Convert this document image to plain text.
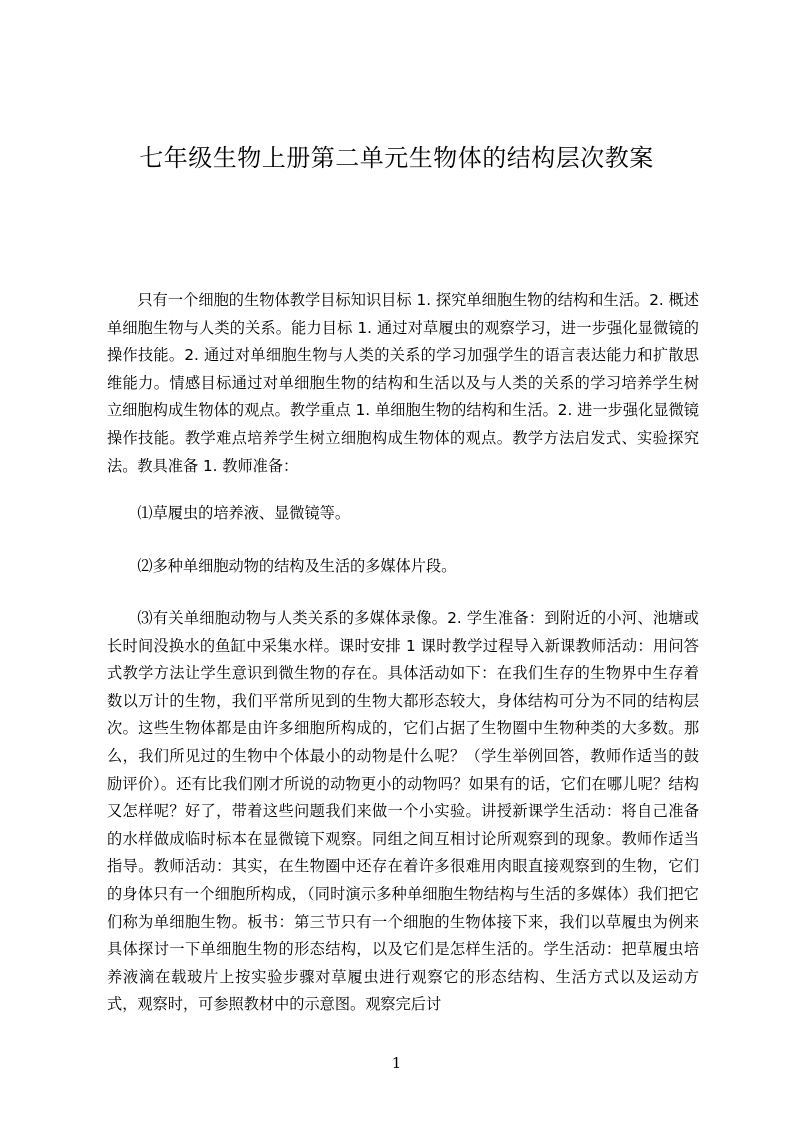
七年级生物上册第二单元生物体的结构层次教案

只有一个细胞的生物体教学目标知识目标 1. 探究单细胞生物的结构和生活。2. 概述单细胞生物与人类的关系。能力目标 1. 通过对草履虫的观察学习，进一步强化显微镜的操作技能。2. 通过对单细胞生物与人类的关系的学习加强学生的语言表达能力和扩散思维能力。情感目标通过对单细胞生物的结构和生活以及与人类的关系的学习培养学生树立细胞构成生物体的观点。教学重点 1. 单细胞生物的结构和生活。2. 进一步强化显微镜操作技能。教学难点培养学生树立细胞构成生物体的观点。教学方法启发式、实验探究法。教具准备 1. 教师准备：

⑴草履虫的培养液、显微镜等。

⑵多种单细胞动物的结构及生活的多媒体片段。

⑶有关单细胞动物与人类关系的多媒体录像。2. 学生准备：到附近的小河、池塘或长时间没换水的鱼缸中采集水样。课时安排 1 课时教学过程导入新课教师活动：用问答式教学方法让学生意识到微生物的存在。具体活动如下：在我们生存的生物界中生存着数以万计的生物，我们平常所见到的生物大都形态较大，身体结构可分为不同的结构层次。这些生物体都是由许多细胞所构成的，它们占据了生物圈中生物种类的大多数。那么，我们所见过的生物中个体最小的动物是什么呢？（学生举例回答，教师作适当的鼓励评价）。还有比我们刚才所说的动物更小的动物吗？如果有的话，它们在哪儿呢？结构又怎样呢？好了，带着这些问题我们来做一个小实验。讲授新课学生活动：将自己准备的水样做成临时标本在显微镜下观察。同组之间互相讨论所观察到的现象。教师作适当指导。教师活动：其实，在生物圈中还存在着许多很难用肉眼直接观察到的生物，它们的身体只有一个细胞所构成，（同时演示多种单细胞生物结构与生活的多媒体）我们把它们称为单细胞生物。板书：第三节只有一个细胞的生物体接下来，我们以草履虫为例来具体探讨一下单细胞生物的形态结构，以及它们是怎样生活的。学生活动：把草履虫培养液滴在载玻片上按实验步骤对草履虫进行观察它的形态结构、生活方式以及运动方式，观察时，可参照教材中的示意图。观察完后讨

1
